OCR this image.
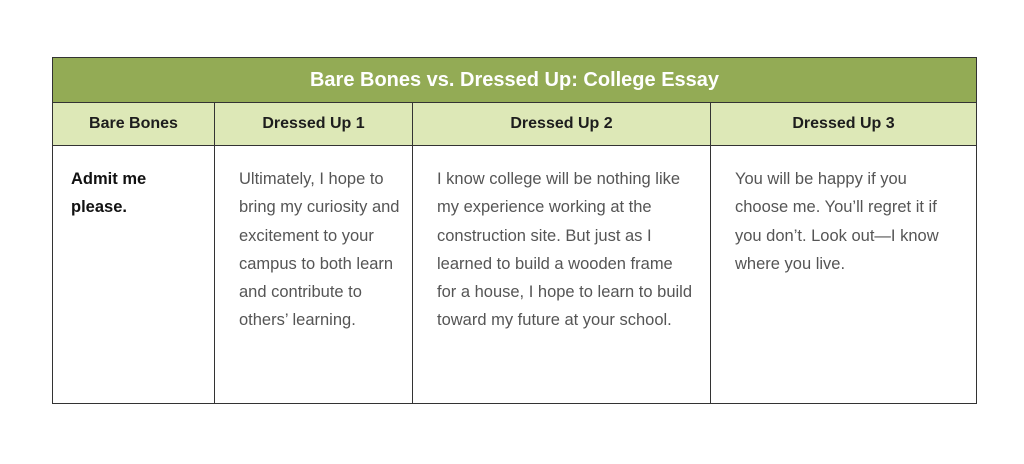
Bare Bones vs. Dressed Up: College Essay			
Bare Bones	Dressed Up 1	Dressed Up 2	Dressed Up 3
Admit me please.	Ultimately, I hope to bring my curiosity and excitement to your campus to both learn and contribute to others’ learning.	I know college will be nothing like my experience working at the construction site. But just as I learned to build a wooden frame for a house, I hope to learn to build toward my future at your school.	You will be happy if you choose me. You’ll regret it if you don’t. Look out—I know where you live.
